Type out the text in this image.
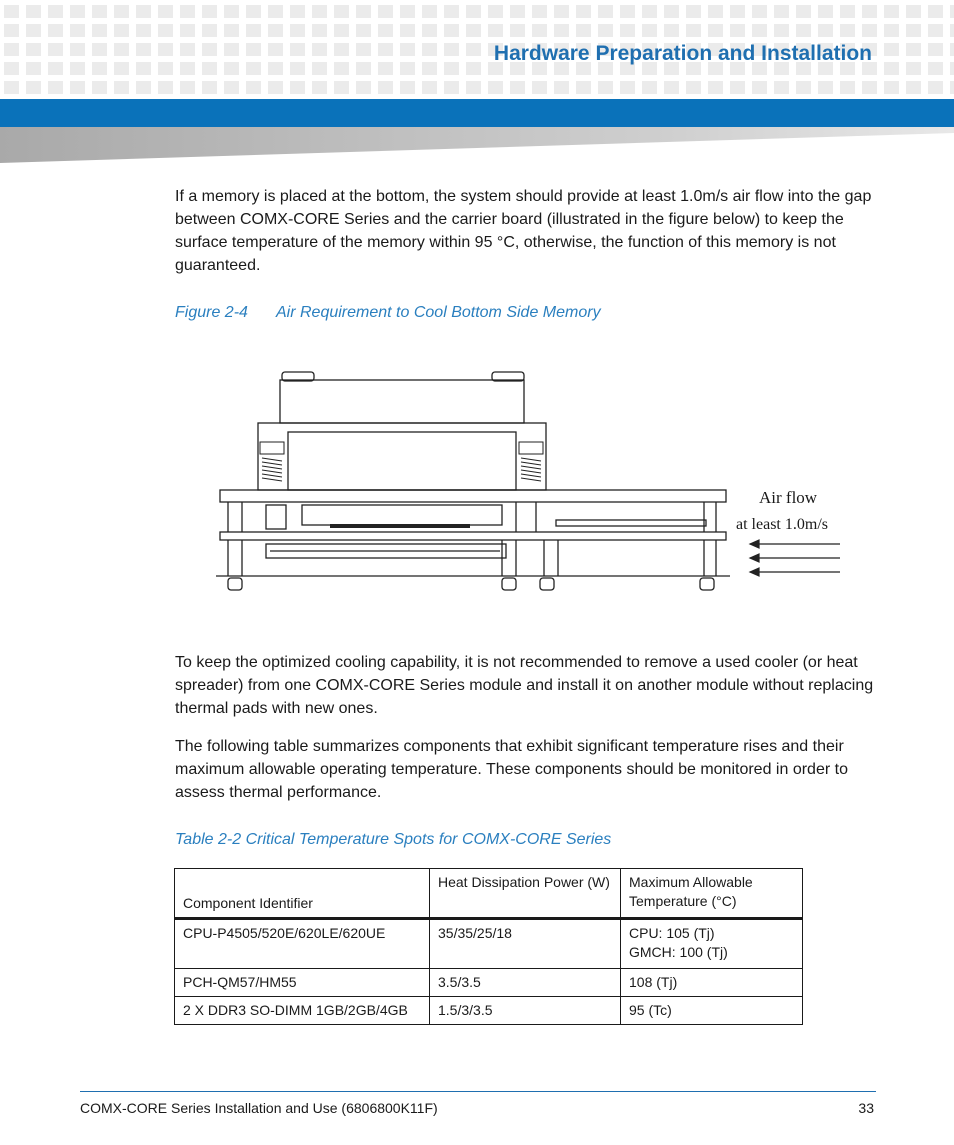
Hardware Preparation and Installation

If a memory is placed at the bottom, the system should provide at least 1.0m/s air flow into the gap between COMX-CORE Series and the carrier board (illustrated in the figure below) to keep the surface temperature of the memory within 95 °C, otherwise, the function of this memory is not guaranteed.

Figure 2-4 Air Requirement to Cool Bottom Side Memory
Air flow
at least 1.0m/s

To keep the optimized cooling capability, it is not recommended to remove a used cooler (or heat spreader) from one COMX-CORE Series module and install it on another module without replacing thermal pads with new ones.

The following table summarizes components that exhibit significant temperature rises and their maximum allowable operating temperature. These components should be monitored in order to assess thermal performance.

Table 2-2 Critical Temperature Spots for COMX-CORE Series
Component Identifier	Heat Dissipation Power (W)	Maximum Allowable Temperature (°C)
CPU-P4505/520E/620LE/620UE	35/35/25/18	CPU: 105 (Tj)
GMCH: 100 (Tj)

PCH-QM57/HM55	3.5/3.5	108 (Tj)
2 X DDR3 SO-DIMM 1GB/2GB/4GB	1.5/3/3.5	95 (Tc)
COMX-CORE Series Installation and Use (6806800K11F)	33
